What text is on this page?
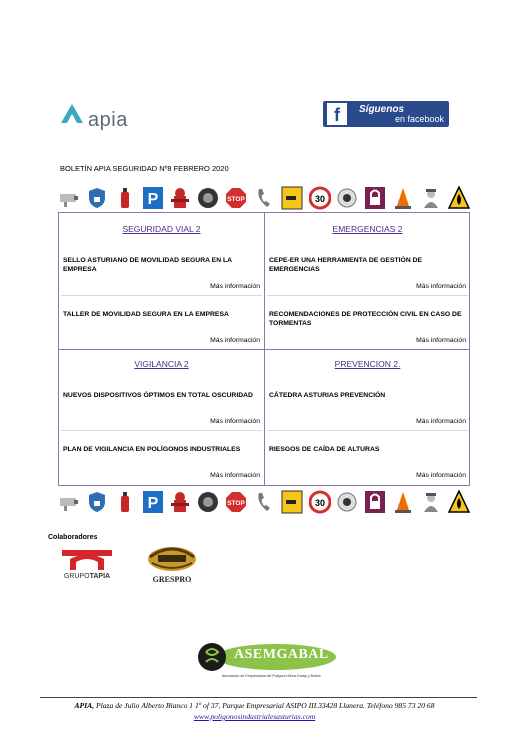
apia	f	Síguenos
en facebook
BOLETÍN APIA SEGURIDAD Nº8 FEBRERO 2020
P	STOP	30
SEGURIDAD VIAL 2
SELLO ASTURIANO DE MOVILIDAD SEGURA EN LA EMPRESA
Más información
TALLER DE MOVILIDAD SEGURA EN LA EMPRESA
Más información
EMERGENCIAS 2
CEPE-ER UNA HERRAMIENTA DE GESTIÓN DE EMERGENCIAS
Más información
RECOMENDACIONES DE PROTECCIÓN CIVIL EN CASO DE TORMENTAS
Más información
VIGILANCIA 2
NUEVOS DISPOSITIVOS ÓPTIMOS EN TOTAL OSCURIDAD
Más información
PLAN DE VIGILANCIA EN POLÍGONOS INDUSTRIALES
Más información
PREVENCION 2.
CÁTEDRA ASTURIAS PREVENCIÓN
Más información
RIESGOS DE CAÍDA DE ALTURAS
Más información
P	STOP	30
Colaboradores
GRUPOTAPIA	GRESPRO
ASEMGABAL
Asociación de Empresarios del Polígono Mora-Garay y Bobes
APIA, Plaza de Julio Alberto Blanco 1 1º of 37, Parque Empresarial ASIPO III.33428 Llanera. Teléfono 985 73 20 68
www.poligonosindustrialesasturias.com
